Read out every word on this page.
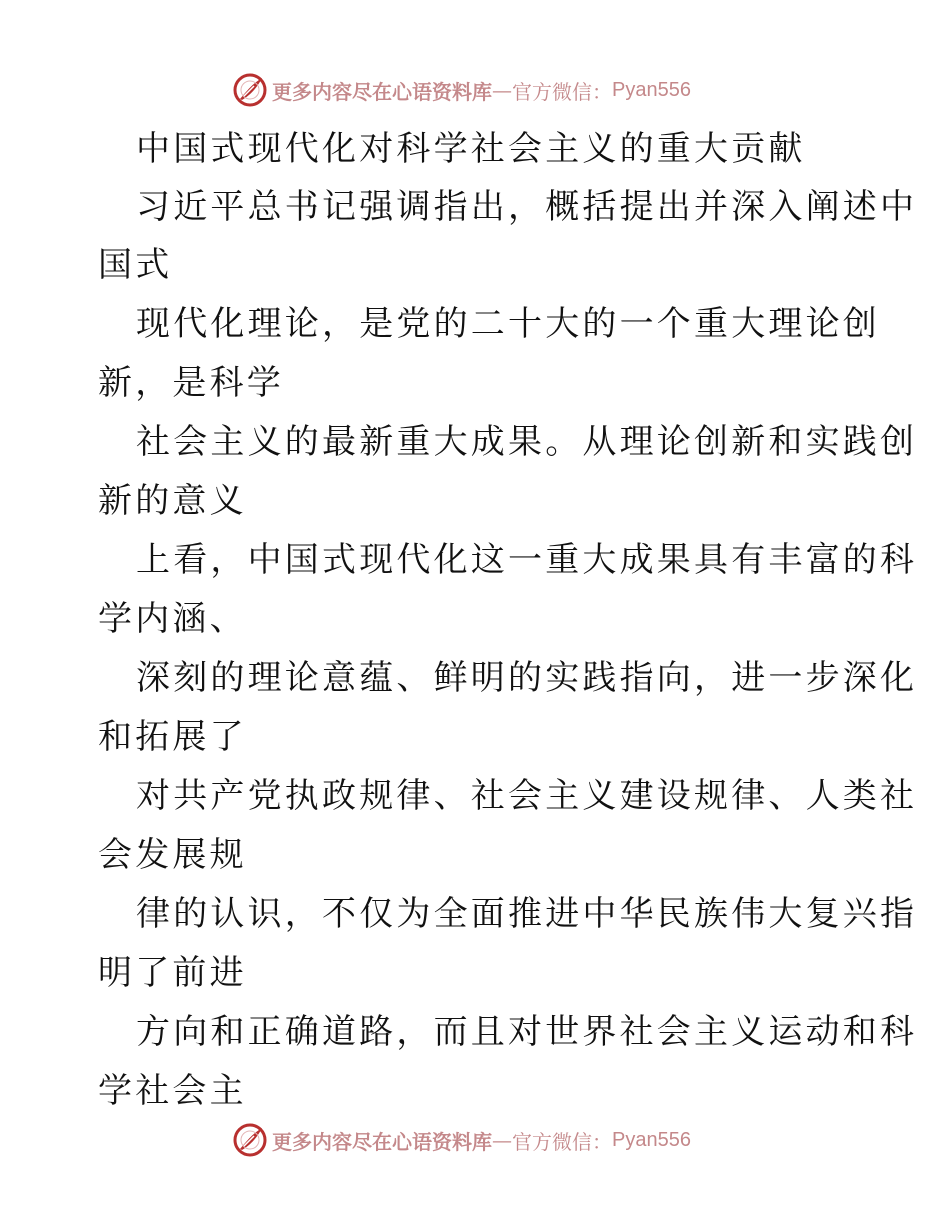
更多内容尽在心语资料库 — 官方微信： Pyan556
中国式现代化对科学社会主义的重大贡献
习近平总书记强调指出，概括提出并深入阐述中
国式
现代化理论，是党的二十大的一个重大理论创
新，是科学
社会主义的最新重大成果。从理论创新和实践创
新的意义
上看，中国式现代化这一重大成果具有丰富的科
学内涵、
深刻的理论意蕴、鲜明的实践指向，进一步深化
和拓展了
对共产党执政规律、社会主义建设规律、人类社
会发展规
律的认识，不仅为全面推进中华民族伟大复兴指
明了前进
方向和正确道路，而且对世界社会主义运动和科
学社会主
更多内容尽在心语资料库 — 官方微信： Pyan556
